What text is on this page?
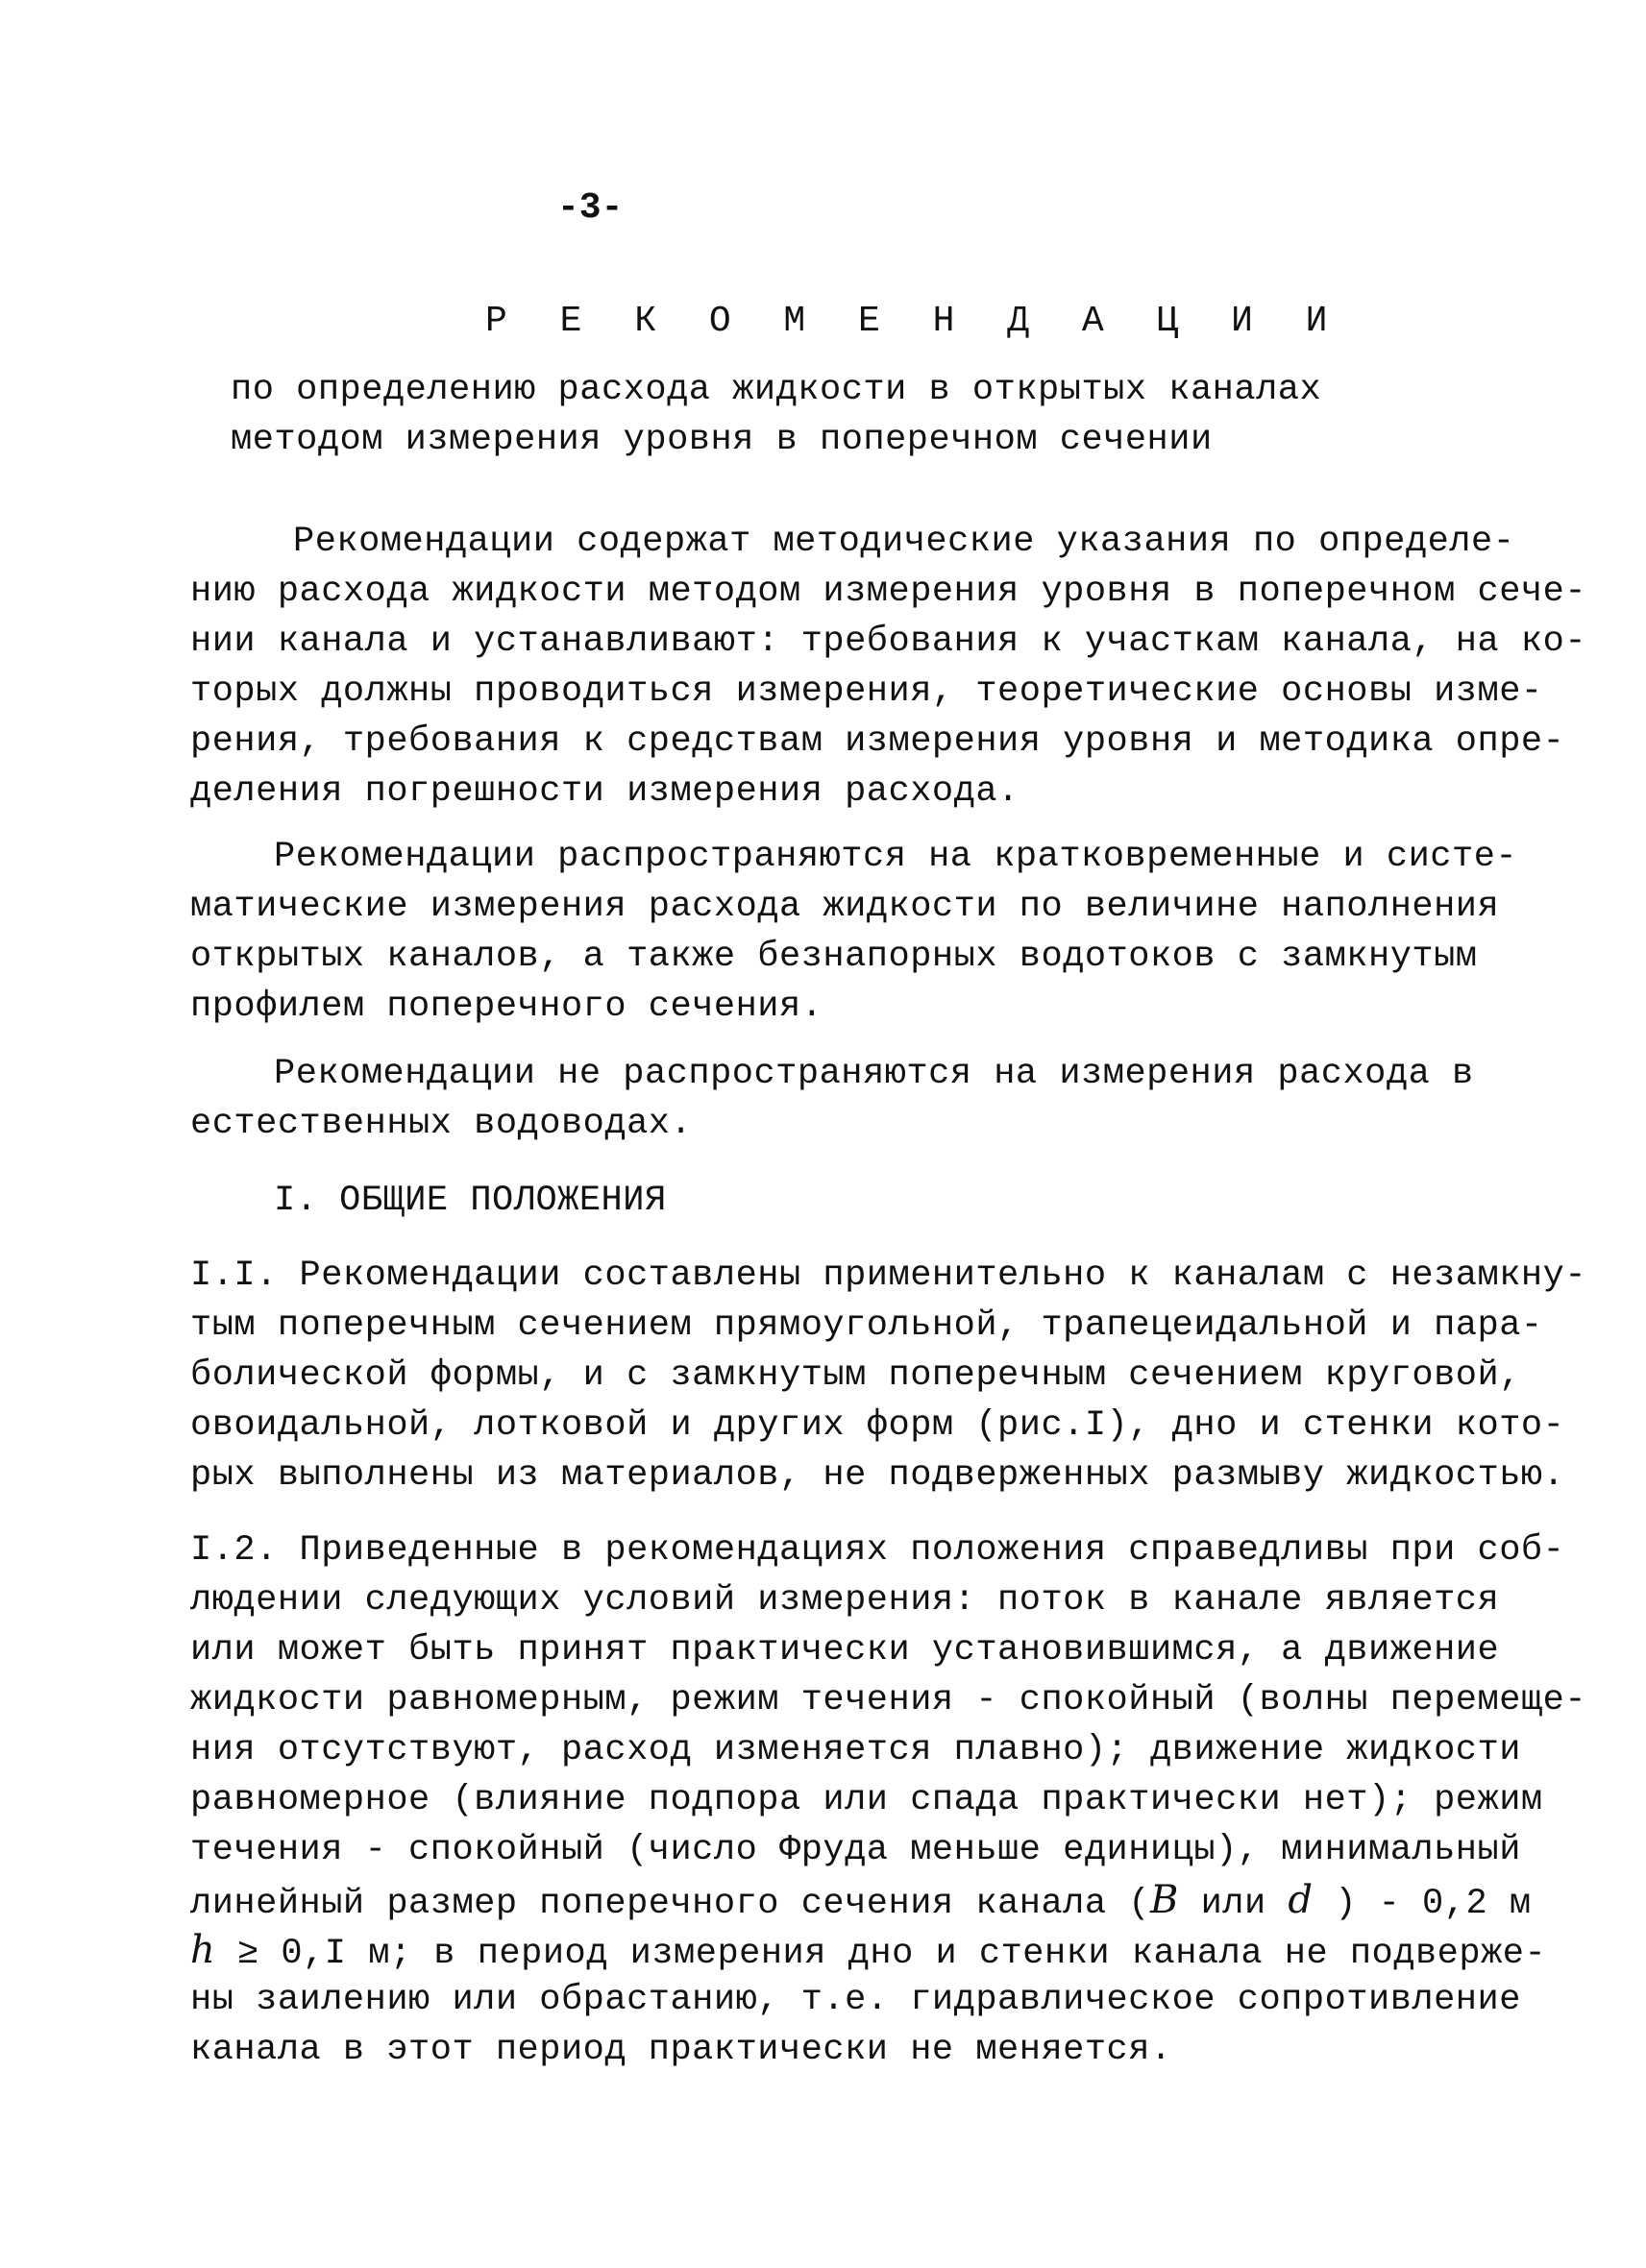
-3-
Р Е К О М Е Н Д А Ц И И
по определению расхода жидкости в открытых каналах
методом измерения уровня в поперечном сечении
Рекомендации содержат методические указания по определе-
нию расхода жидкости методом измерения уровня в поперечном сече-
нии канала и устанавливают: требования к участкам канала, на ко-
торых должны проводиться измерения, теоретические основы изме-
рения, требования к средствам измерения уровня и методика опре-
деления погрешности измерения расхода.
Рекомендации распространяются на кратковременные и систе-
матические измерения расхода жидкости по величине наполнения
открытых каналов, а также безнапорных водотоков с замкнутым
профилем поперечного сечения.
Рекомендации не распространяются на измерения расхода в
естественных водоводах.
I. ОБЩИЕ ПОЛОЖЕНИЯ
I.I. Рекомендации составлены применительно к каналам с незамкну-
тым поперечным сечением прямоугольной, трапецеидальной и пара-
болической формы, и с замкнутым поперечным сечением круговой,
овоидальной, лотковой и других форм (рис.I), дно и стенки кото-
рых выполнены из материалов, не подверженных размыву жидкостью.
I.2. Приведенные в рекомендациях положения справедливы при соб-
людении следующих условий измерения: поток в канале является
или может быть принят практически установившимся, а движение
жидкости равномерным, режим течения - спокойный (волны перемеще-
ния отсутствуют, расход изменяется плавно); движение жидкости
равномерное (влияние подпора или спада практически нет); режим
течения - спокойный (число Фруда меньше единицы), минимальный
линейный размер поперечного сечения канала (B или d ) - 0,2 м
h ≥ 0,I м; в период измерения дно и стенки канала не подверже-
ны заилению или обрастанию, т.е. гидравлическое сопротивление
канала в этот период практически не меняется.
